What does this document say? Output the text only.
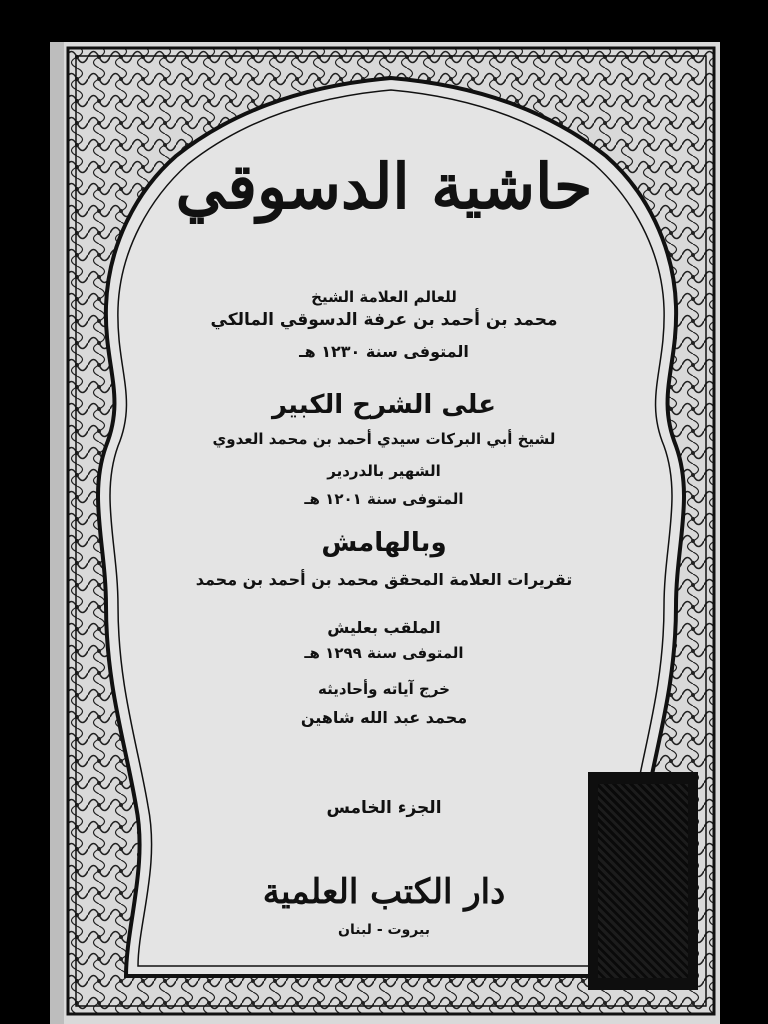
حاشية الدسوقي
للعالم العلامة الشيخ
محمد بن أحمد بن عرفة الدسوقي المالكي
المتوفى سنة ١٢٣٠ هـ
على الشرح الكبير
لشيخ أبي البركات سيدي أحمد بن محمد العدوي
الشهير بالدردير
المتوفى سنة ١٢٠١ هـ
وبالهامش
تقريرات العلامة المحقق محمد بن أحمد بن محمد
الملقب بعليش
المتوفى سنة ١٢٩٩ هـ
خرج آياته وأحاديثه
محمد عبد الله شاهين
الجزء الخامس
دار الكتب العلمية
بيروت - لبنان
